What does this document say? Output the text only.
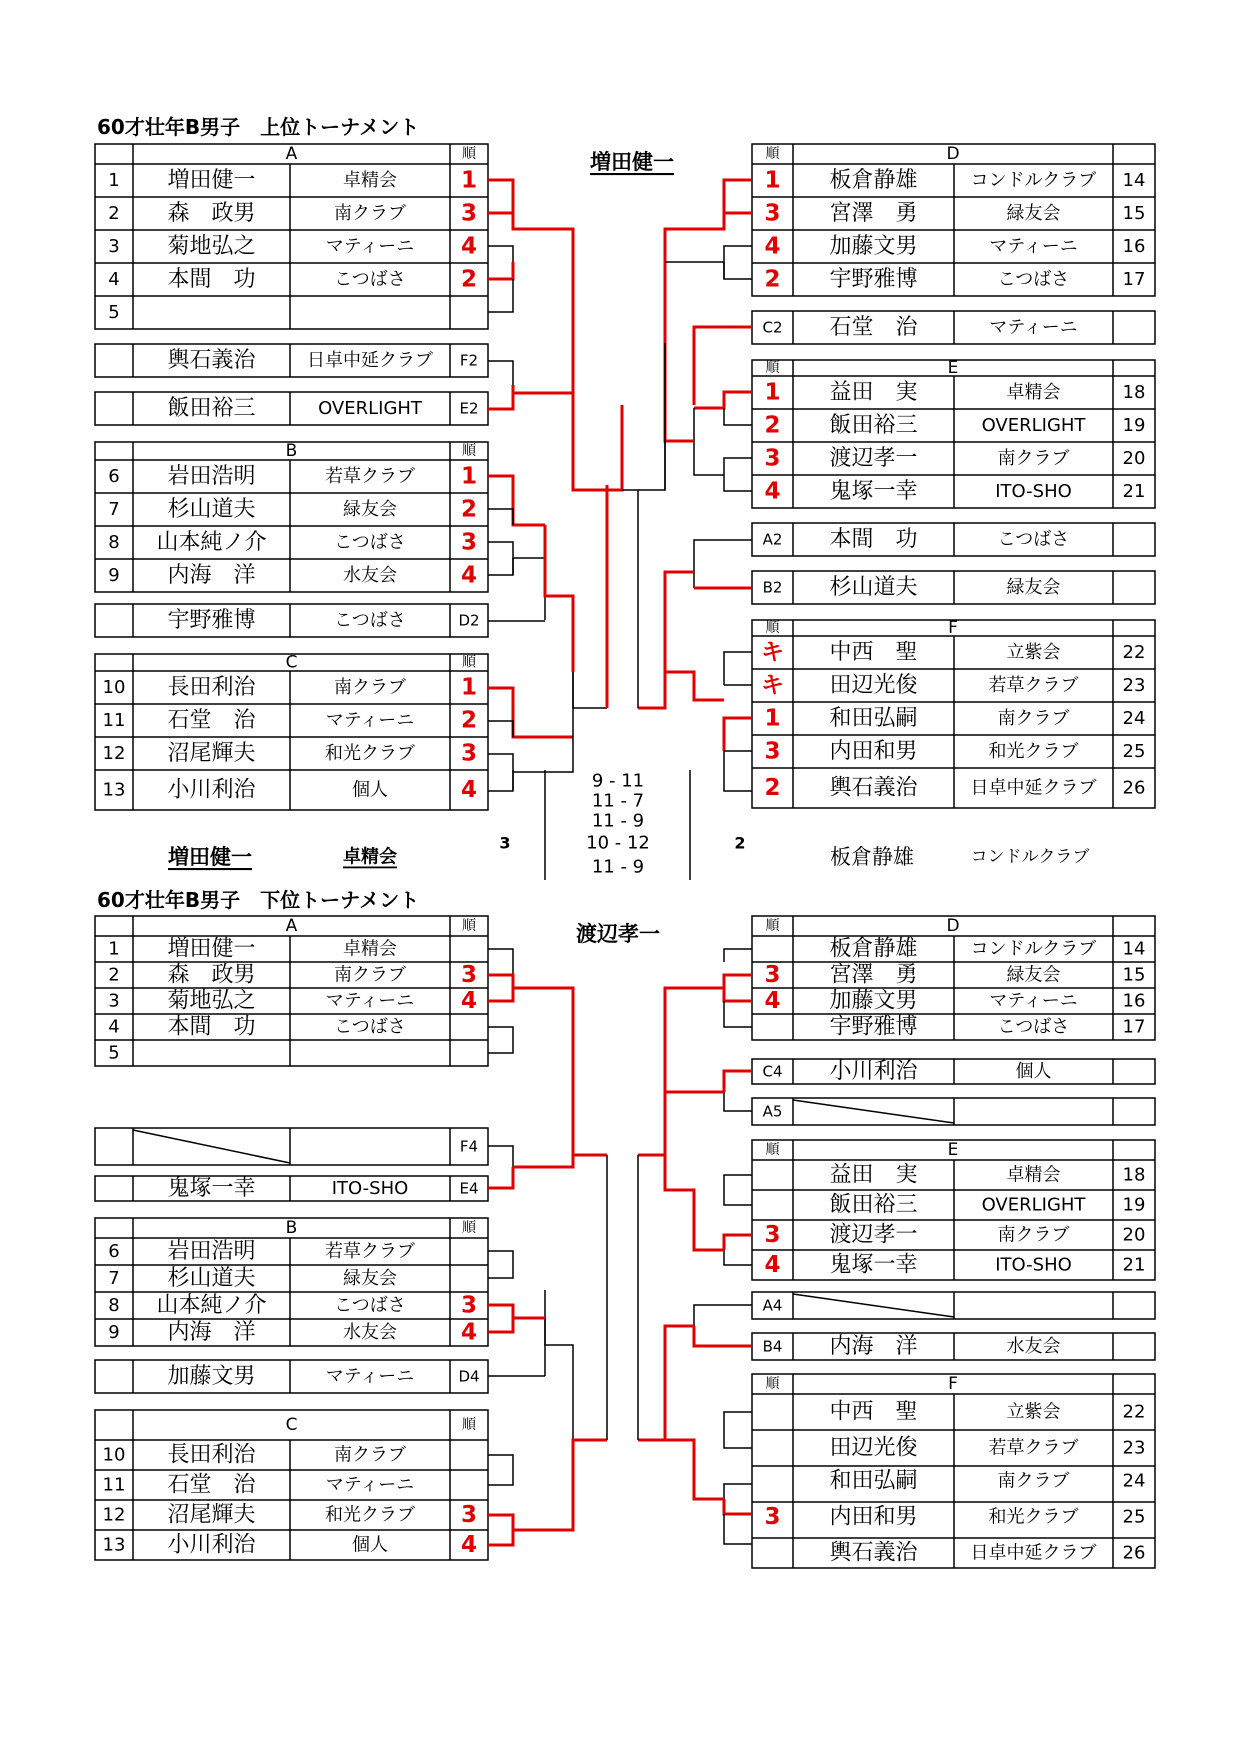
60才壮年B男子　上位トーナメント
増田健一
A	順
1 増田健一	卓精会	1
2 森　政男	南クラブ 3
3 菊地弘之	マティーニ 4
4 本間　功	こつばさ 2
5
F2
輿石義治	日卓中延クラブ
E2
飯田裕三	OVERLIGHT
B	順
6 岩田浩明	若草クラブ 1
7 杉山道夫	緑友会	2
8 山本純ノ介	こつばさ 3
9 内海　洋	水友会	4
D2
宇野雅博	こつばさ
C	順
10 長田利治	南クラブ 1
11 石堂　治	マティーニ 2
12 沼尾輝夫	和光クラブ 3
13 小川利治	個人	4
D
順
1 板倉静雄	コンドルクラブ 14
3 宮澤　勇	緑友会	15
4 加藤文男	マティーニ 16
2 宇野雅博	こつばさ	17
C2 石堂　治	マティーニ
E
順
1 益田　実	卓精会	18
2 飯田裕三	OVERLIGHT 19
3 渡辺孝一	南クラブ	20
4 鬼塚一幸	ITO-SHO	21
A2 本間　功	こつばさ
B2 杉山道夫	緑友会
F
順
キ 中西　聖	立紫会	22
キ 田辺光俊	若草クラブ 23
1 和田弘嗣	南クラブ	24
3 内田和男	和光クラブ 25
2 輿石義治	日卓中延クラブ 26
9 - 11
11 - 7
11 - 9
10 - 12
11 - 9
3	2
増田健一	卓精会	板倉静雄	コンドルクラブ
60才壮年B男子　下位トーナメント
渡辺孝一
A	順
1 増田健一	卓精会
2 森　政男	南クラブ 3
3 菊地弘之	マティーニ 4
4 本間　功	こつばさ
5
F4
E4
鬼塚一幸	ITO-SHO
B	順
6 岩田浩明	若草クラブ
7 杉山道夫	緑友会
8 山本純ノ介	こつばさ 3
9 内海　洋	水友会	4
D4
加藤文男	マティーニ
C	順
10 長田利治	南クラブ
11 石堂　治	マティーニ
12 沼尾輝夫	和光クラブ 3
13 小川利治	個人	4
D
順
板倉静雄	コンドルクラブ 14
3 宮澤　勇	緑友会	15
4 加藤文男	マティーニ 16
宇野雅博	こつばさ	17
C4 小川利治	個人
A5
E
順
益田　実	卓精会	18
飯田裕三	OVERLIGHT 19
3 渡辺孝一	南クラブ	20
4 鬼塚一幸	ITO-SHO	21
A4
B4 内海　洋	水友会
F
順
中西　聖	立紫会	22
田辺光俊	若草クラブ 23
和田弘嗣	南クラブ	24
3 内田和男	和光クラブ 25
輿石義治	日卓中延クラブ 26
